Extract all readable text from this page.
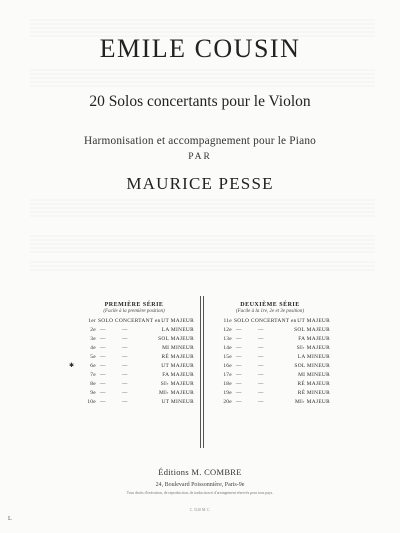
EMILE COUSIN
20 Solos concertants pour le Violon
Harmonisation et accompagnement pour le Piano
PAR
MAURICE PESSE
PREMIÈRE SÉRIE
(Facile à la première position)
1er SOLO CONCERTANT en UT MAJEUR
2e —	—	LA MINEUR
3e —	—	SOL MAJEUR
4e —	—	MI MINEUR
5e —	—	RÉ MAJEUR
✱	6e —	—	UT MAJEUR
7e —	—	FA MAJEUR
8e —	—	SI♭ MAJEUR
9e —	—	MI♭ MAJEUR
10e —	—	UT MINEUR
DEUXIÈME SÉRIE
(Facile à la 1re, 2e et 3e position)
11e SOLO CONCERTANT en UT MAJEUR
12e —	—	SOL MAJEUR
13e —	—	FA MAJEUR
14e —	—	SI♭ MAJEUR
15e —	—	LA MINEUR
16e —	—	SOL MINEUR
17e —	—	MI MINEUR
18e —	—	RÉ MAJEUR
19e —	—	RÉ MINEUR
20e —	—	MI♭ MAJEUR
Éditions M. COMBRE
24, Boulevard Poissonnière, Paris-9e
Tous droits d'exécution, de reproduction, de traduction et d'arrangement réservés pour tous pays.
C. 5120 M. C.
L
